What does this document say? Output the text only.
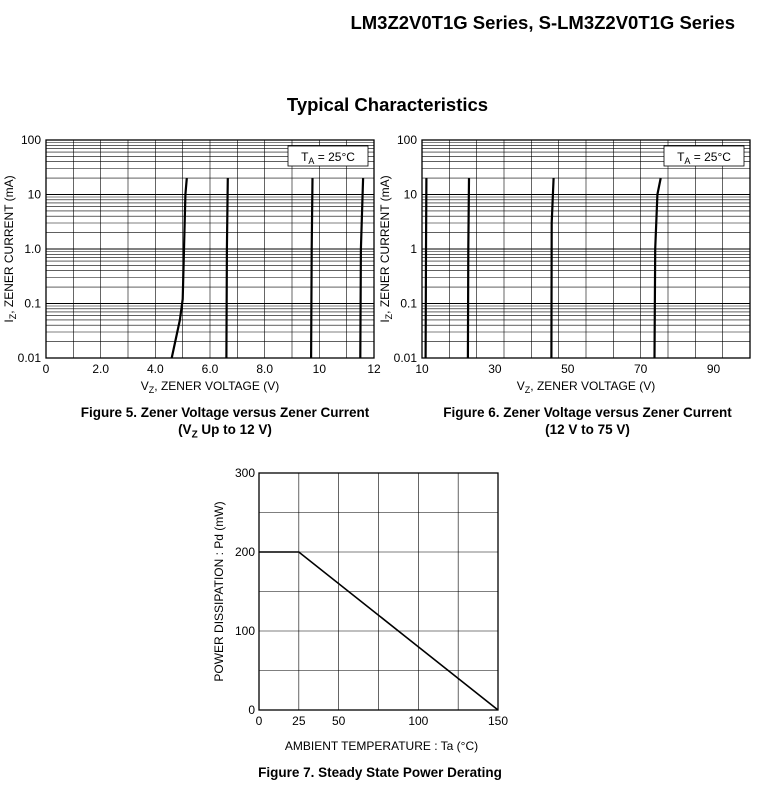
LM3Z2V0T1G Series, S-LM3Z2V0T1G Series
Typical Characteristics
0	2.0	4.0	6.0	8.0	10	12
0.01
0.1
1.0
10
100
$V_Z$, ZENER VOLTAGE (V)
$I_Z$, ZENER CURRENT (mA)
$T_A = 25^\circ C$
10	30	50	70	90
0.01
0.1
1
10
100
$V_Z$, ZENER VOLTAGE (V)
$I_Z$, ZENER CURRENT (mA)
$T_A = 25^\circ C$
0 25 50	100	150
0
100
200
300
AMBIENT TEMPERATURE : Ta (°C)
POWER DISSIPATION : Pd (mW)
Figure 5. Zener Voltage versus Zener Current
($V_Z$ Up to 12 V)
Figure 6. Zener Voltage versus Zener Current
(12 V to 75 V)
Figure 7. Steady State Power Derating
